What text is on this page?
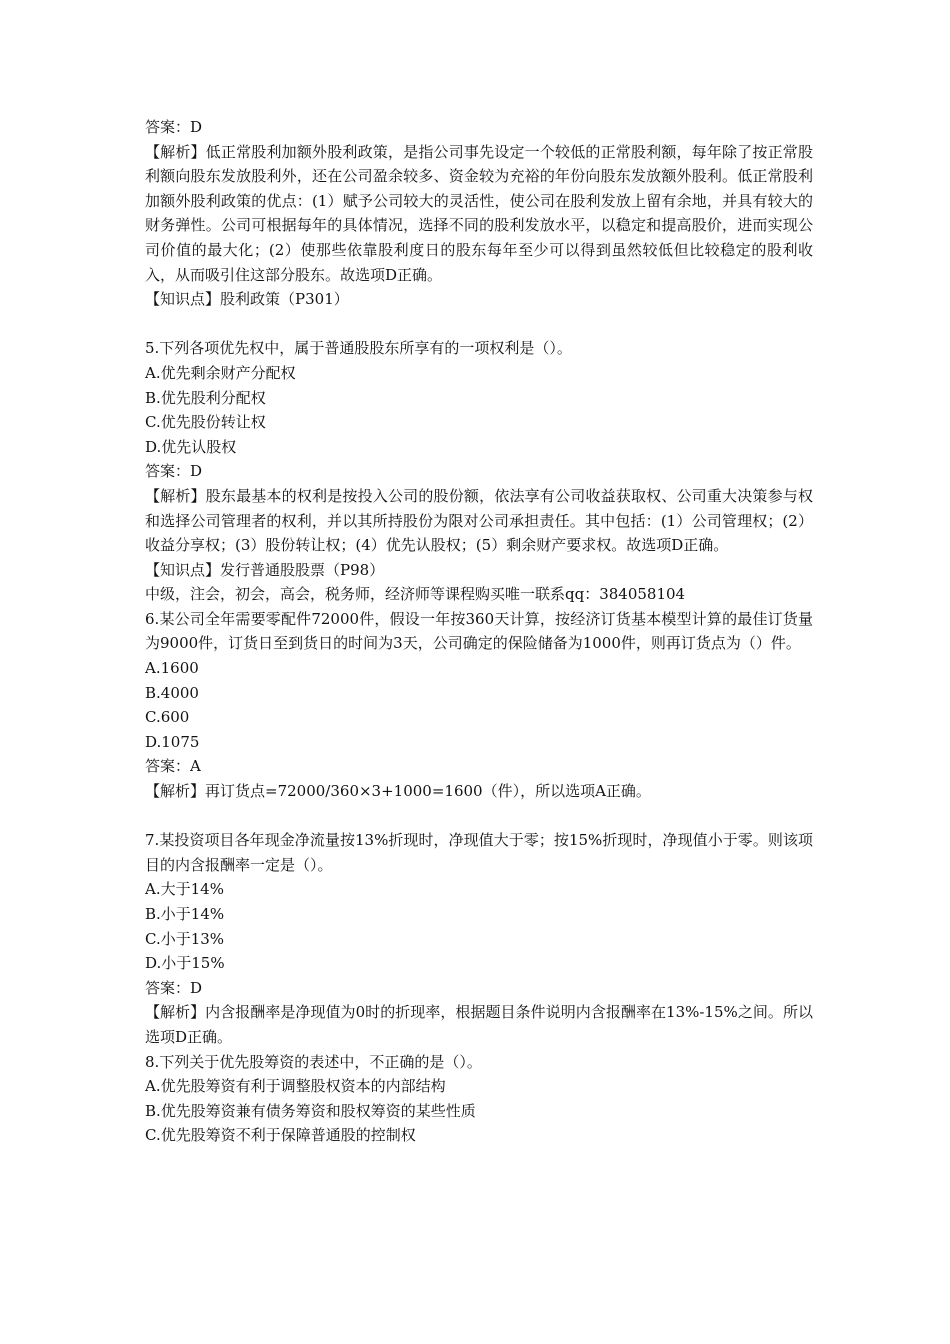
答案：D

【解析】低正常股利加额外股利政策，是指公司事先设定一个较低的正常股利额，每年除了按正常股利额向股东发放股利外，还在公司盈余较多、资金较为充裕的年份向股东发放额外股利。低正常股利加额外股利政策的优点：(1）赋予公司较大的灵活性，使公司在股利发放上留有余地，并具有较大的财务弹性。公司可根据每年的具体情况，选择不同的股利发放水平，以稳定和提高股价，进而实现公司价值的最大化；(2）使那些依靠股利度日的股东每年至少可以得到虽然较低但比较稳定的股利收入，从而吸引住这部分股东。故选项D正确。

【知识点】股利政策（P301）

5.下列各项优先权中，属于普通股股东所享有的一项权利是（）。

A.优先剩余财产分配权

B.优先股利分配权

C.优先股份转让权

D.优先认股权

答案：D

【解析】股东最基本的权利是按投入公司的股份额，依法享有公司收益获取权、公司重大决策参与权和选择公司管理者的权利，并以其所持股份为限对公司承担责任。其中包括：(1）公司管理权；(2）收益分享权；(3）股份转让权；(4）优先认股权；(5）剩余财产要求权。故选项D正确。

【知识点】发行普通股股票（P98）

中级，注会，初会，高会，税务师，经济师等课程购买唯一联系qq：384058104

6.某公司全年需要零配件72000件，假设一年按360天计算，按经济订货基本模型计算的最佳订货量为9000件，订货日至到货日的时间为3天，公司确定的保险储备为1000件，则再订货点为（）件。

A.1600

B.4000

C.600

D.1075

答案：A

【解析】再订货点=72000/360×3+1000=1600（件），所以选项A正确。

7.某投资项目各年现金净流量按13%折现时，净现值大于零；按15%折现时，净现值小于零。则该项目的内含报酬率一定是（）。

A.大于14%

B.小于14%

C.小于13%

D.小于15%

答案：D

【解析】内含报酬率是净现值为0时的折现率，根据题目条件说明内含报酬率在13%-15%之间。所以选项D正确。

8.下列关于优先股筹资的表述中，不正确的是（）。

A.优先股筹资有利于调整股权资本的内部结构

B.优先股筹资兼有债务筹资和股权筹资的某些性质

C.优先股筹资不利于保障普通股的控制权
